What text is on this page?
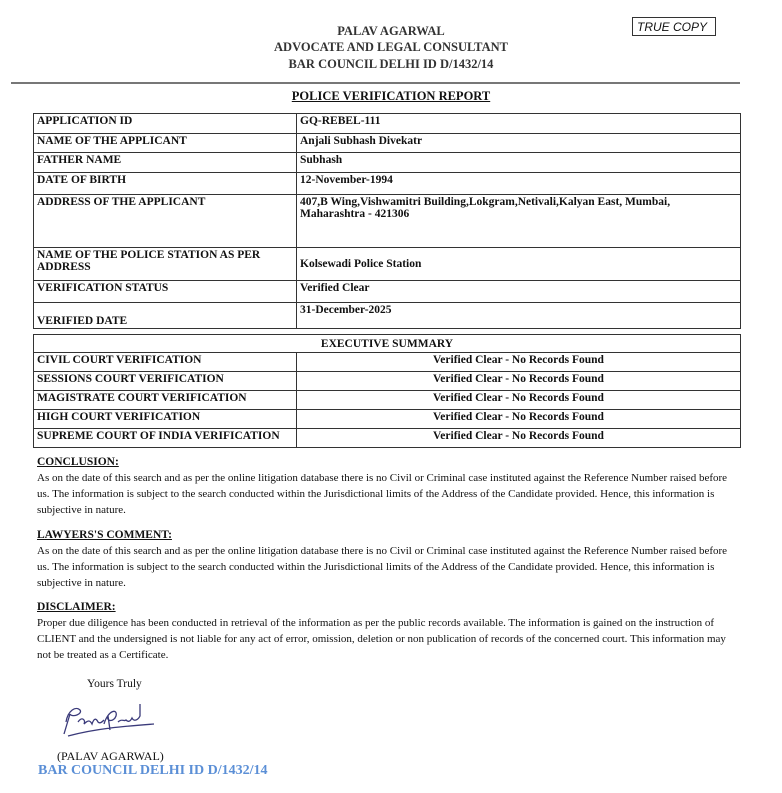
PALAV AGARWAL
ADVOCATE AND LEGAL CONSULTANT
BAR COUNCIL DELHI ID D/1432/14
TRUE COPY
POLICE VERIFICATION REPORT
APPLICATION ID	GQ-REBEL-111
NAME OF THE APPLICANT	Anjali Subhash Divekatr
FATHER NAME	Subhash
DATE OF BIRTH	12-November-1994
ADDRESS OF THE APPLICANT	407,B Wing,Vishwamitri Building,Lokgram,Netivali,Kalyan East, Mumbai, Maharashtra - 421306
NAME OF THE POLICE STATION AS PER ADDRESS	Kolsewadi Police Station
VERIFICATION STATUS	Verified Clear
VERIFIED DATE	31-December-2025
EXECUTIVE SUMMARY	
CIVIL COURT VERIFICATION	Verified Clear - No Records Found
SESSIONS COURT VERIFICATION	Verified Clear - No Records Found
MAGISTRATE COURT VERIFICATION	Verified Clear - No Records Found
HIGH COURT VERIFICATION	Verified Clear - No Records Found
SUPREME COURT OF INDIA VERIFICATION	Verified Clear - No Records Found
CONCLUSION:

As on the date of this search and as per the online litigation database there is no Civil or Criminal case instituted against the Reference Number raised before us. The information is subject to the search conducted within the Jurisdictional limits of the Address of the Candidate provided. Hence, this information is subjective in nature.

LAWYERS'S COMMENT:

As on the date of this search and as per the online litigation database there is no Civil or Criminal case instituted against the Reference Number raised before us. The information is subject to the search conducted within the Jurisdictional limits of the Address of the Candidate provided. Hence, this information is subjective in nature.

DISCLAIMER:

Proper due diligence has been conducted in retrieval of the information as per the public records available. The information is gained on the instruction of CLIENT and the undersigned is not liable for any act of error, omission, deletion or non publication of records of the concerned court. This information may not be treated as a Certificate.

Yours Truly
(PALAV AGARWAL)
BAR COUNCIL DELHI ID D/1432/14
